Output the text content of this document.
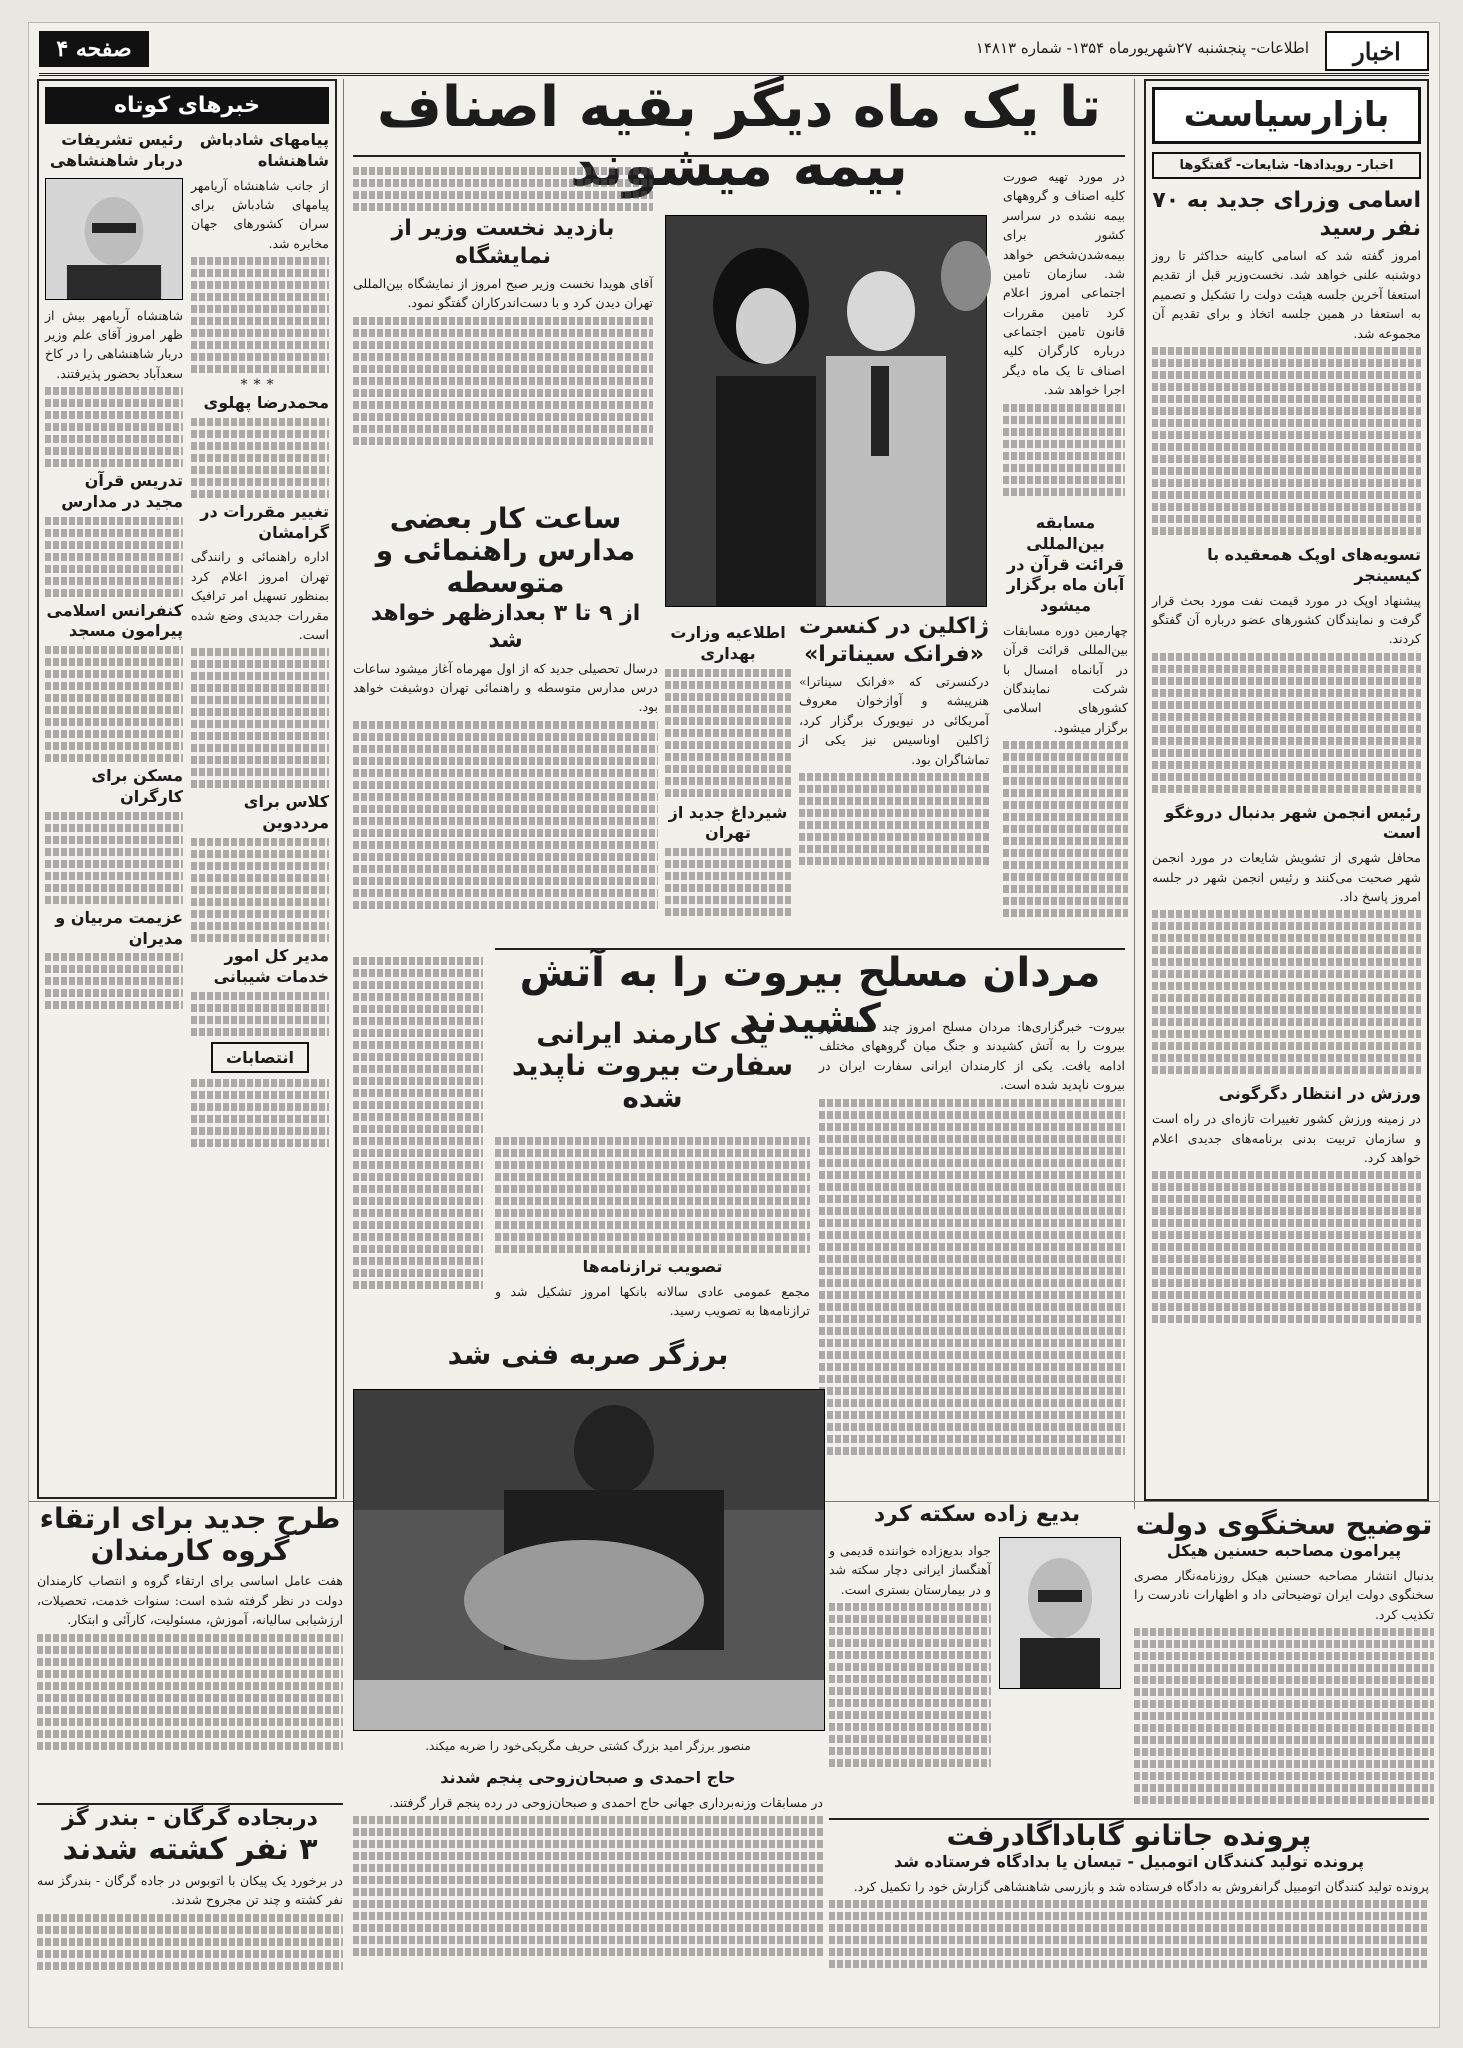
اخبار
اطلاعات- پنجشنبه ۲۷شهریورماه ۱۳۵۴- شماره ۱۴۸۱۳
صفحه ۴
بازارسیاست
اخبار- رویدادها- شایعات- گفتگوها
اسامی وزرای جدید به ۷۰ نفر رسید

امروز گفته شد که اسامی کابینه حداکثر تا روز دوشنبه علنی خواهد شد. نخست‌وزیر قبل از تقدیم استعفا آخرین جلسه هیئت دولت را تشکیل و تصمیم به استعفا در همین جلسه اتخاذ و برای تقدیم آن مجموعه شد.

تسویه‌های اوپک همعقیده با کیسینجر

پیشنهاد اوپک در مورد قیمت نفت مورد بحث قرار گرفت و نمایندگان کشورهای عضو درباره آن گفتگو کردند.

رئیس انجمن شهر بدنبال دروغگو است

محافل شهری از تشویش شایعات در مورد انجمن شهر صحبت می‌کنند و رئیس انجمن شهر در جلسه امروز پاسخ داد.

ورزش در انتظار دگرگونی

در زمینه ورزش کشور تغییرات تازه‌ای در راه است و سازمان تربیت بدنی برنامه‌های جدیدی اعلام خواهد کرد.

تا یک ماه دیگر بقیه اصناف بیمه میشوند	در مورد تهیه صورت کلیه اصناف و گروههای بیمه نشده در سراسر کشور برای بیمه‌شدن‌شخص خواهد شد. سازمان تامین اجتماعی امروز اعلام کرد تامین مقررات قانون تامین اجتماعی درباره کارگران کلیه اصناف تا یک ماه دیگر اجرا خواهد شد.

ژاکلین در کنسرت «فرانک سیناترا»

درکنسرتی که «فرانک سیناترا» هنرپیشه و آوازخوان معروف آمریکائی در نیویورک برگزار کرد، ژاکلین اوناسیس نیز یکی از تماشاگران بود.

مسابقه بین‌المللی قرائت قرآن در آبان ماه برگزار میشود

چهارمین دوره مسابقات بین‌المللی قرائت قرآن در آبانماه امسال با شرکت نمایندگان کشورهای اسلامی برگزار میشود.

اطلاعیه وزارت بهداری
شیرداغ جدید از تهران
بازدید نخست وزیر از نمایشگاه

آقای هویدا نخست وزیر صبح امروز از نمایشگاه بین‌المللی تهران دیدن کرد و با دست‌اندرکاران گفتگو نمود.

ساعت کار بعضی مدارس راهنمائی و متوسطه
از ۹ تا ۳ بعدازظهر خواهد شد

درسال تحصیلی جدید که از اول مهرماه آغاز میشود ساعات درس مدارس متوسطه و راهنمائی تهران دوشیفت خواهد بود.

مردان مسلح بیروت را به آتش کشیدند
یک کارمند ایرانی سفارت بیروت ناپدید شده

بیروت- خبرگزاری‌ها: مردان مسلح امروز چند نقطه شهر بیروت را به آتش کشیدند و جنگ میان گروههای مختلف ادامه یافت. یکی از کارمندان ایرانی سفارت ایران در بیروت ناپدید شده است.

تصویب تراز‌نامه‌ها

مجمع عمومی عادی سالانه بانکها امروز تشکیل شد و ترازنامه‌ها به تصویب رسید.

برزگر صربه فنی شد

منصور برزگر امید بزرگ کشتی حریف مگریکی‌خود را ضربه میکند.

بدیع زاده سکته کرد

جواد بدیع‌زاده خواننده قدیمی و آهنگساز ایرانی دچار سکته شد و در بیمارستان بستری است.

توضیح سخنگوی دولت
پیرامون مصاحبه حسنین هیکل

بدنبال انتشار مصاحبه حسنین هیکل روزنامه‌نگار مصری سخنگوی دولت ایران توضیحاتی داد و اظهارات نادرست را تکذیب کرد.

پرونده جاتانو گاباداگادرفت
پرونده تولید کنندگان اتومبیل - تیسان یا بدادگاه فرستاده شد

پرونده تولید کنندگان اتومبیل گرانفروش به دادگاه فرستاده شد و بازرسی شاهنشاهی گزارش خود را تکمیل کرد.

حاج احمدی و صبحان‌زوحی پنجم شدند

در مسابقات وزنه‌برداری جهانی حاج احمدی و صبحان‌زوحی در رده پنجم قرار گرفتند.

خبرهای کوتاه
پیامهای شادباش شاهنشاه

از جانب شاهنشاه آریامهر پیامهای شادباش برای سران کشورهای جهان مخابره شد.

***
محمدرضا پهلوی
تغییر مقررات در گرامشان

اداره راهنمائی و رانندگی تهران امروز اعلام کرد بمنظور تسهیل امر ترافیک مقررات جدیدی وضع شده است.

کلاس برای مرددوین
مدیر کل امور خدمات شیبانی
انتصابات
رئیس تشریفات دربار شاهنشاهی

شاهنشاه آریامهر بیش از ظهر امروز آقای علم وزیر دربار شاهنشاهی را در کاخ سعدآباد بحضور پذیرفتند.

تدریس قرآن مجید در مدارس
کنفرانس اسلامی پیرامون مسجد
مسکن برای کارگران
عزیمت مربیان و مدیران
طرح جدید برای ارتقاء گروه کارمندان

هفت عامل اساسی برای ارتقاء گروه و انتصاب کارمندان دولت در نظر گرفته شده است: سنوات خدمت، تحصیلات، ارزشیابی سالیانه، آموزش، مسئولیت، کارآئی و ابتکار.

دربجاده گرگان - بندر گز
۳ نفر کشته شدند

در برخورد یک پیکان با اتوبوس در جاده گرگان - بندرگز سه نفر کشته و چند تن مجروح شدند.
